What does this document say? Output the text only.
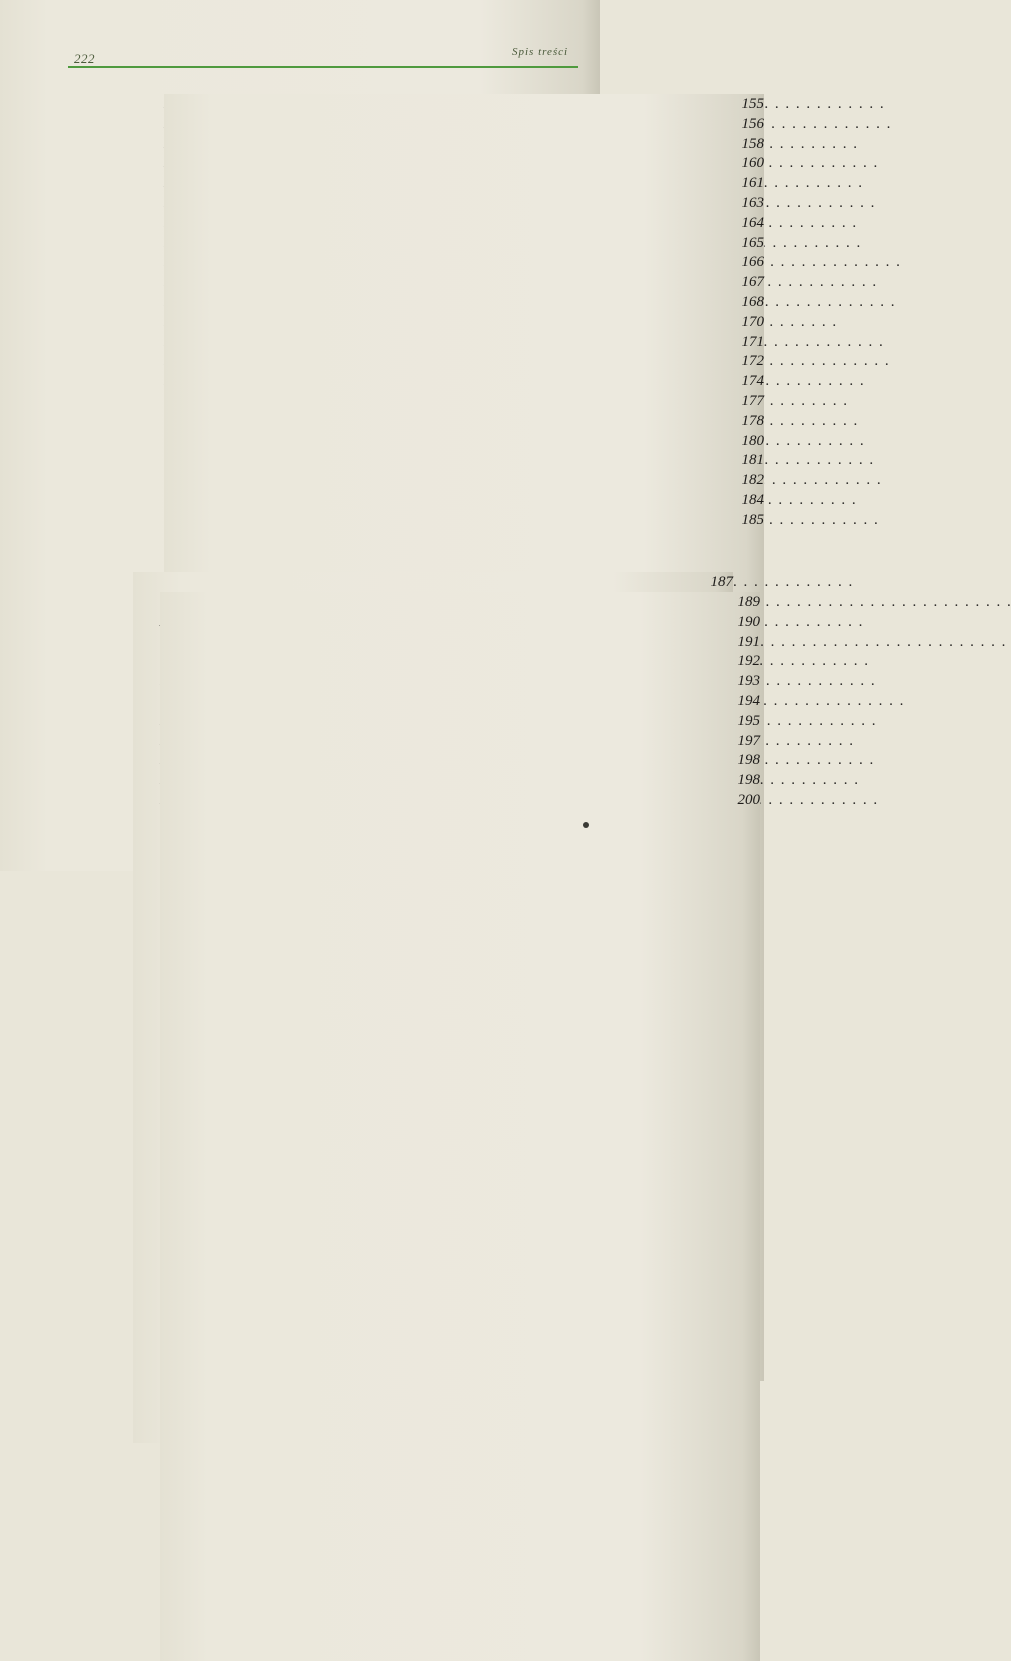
222	Spis treści
. . .
155
. . .
156
. . .
158
. . .
160
. . .
161
. . .
163
. . .
164
. . .
165
. . .
166
. . .
167
. . .
168
. . .
170
. . .
171
. . .
172
. . .
174
. . .
177
. . .
178
. . .
180
. . .
181
. . .
182
. . .
184
. . .
185
. . .
187
. . .
189
. . .
190
. . .
191
. . .
192
. . .
193
. . .
194
. . .
195
. . .
197
. . .
198
. . .
198
. . .
200
